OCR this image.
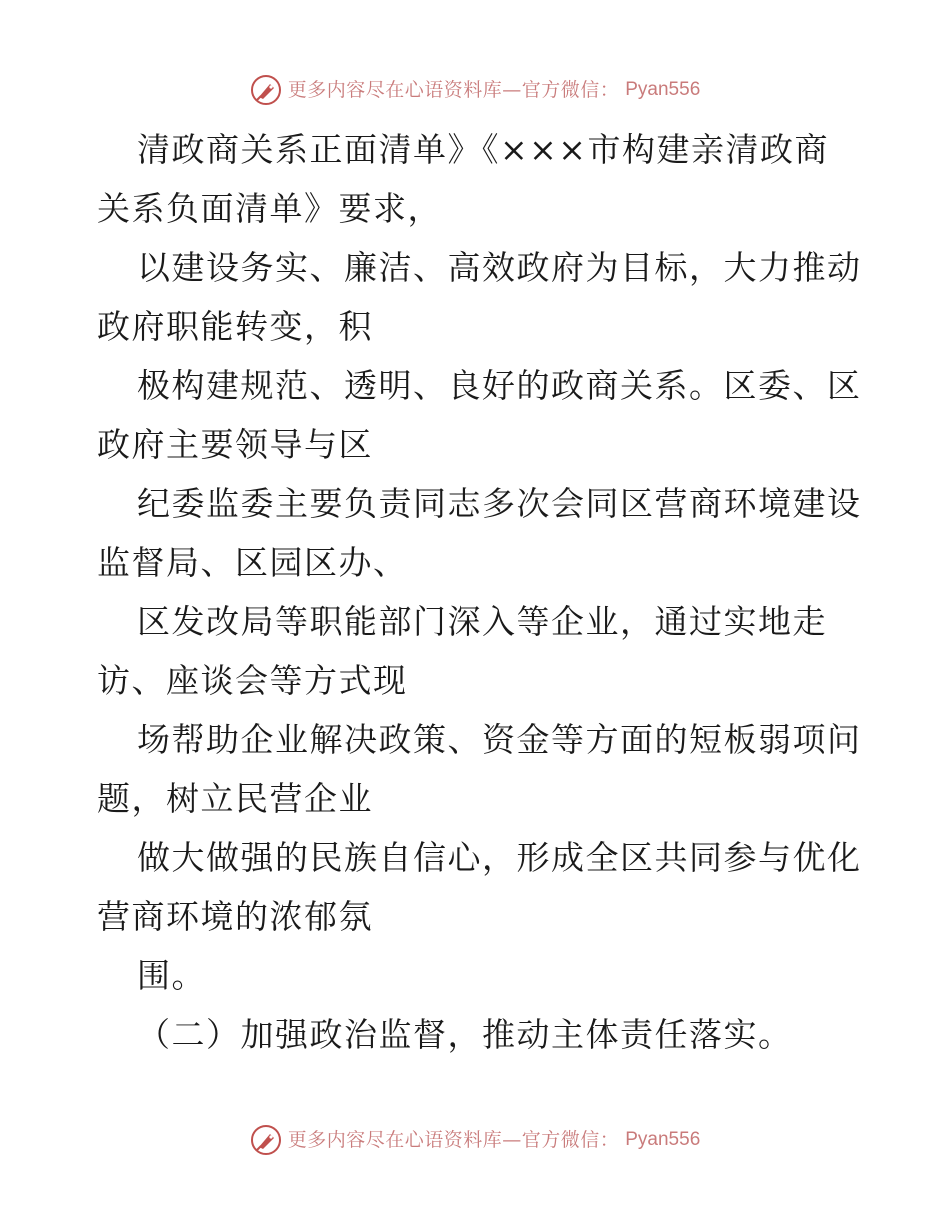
更多内容尽在心语资料库—官方微信： Pyan556
清政商关系正面清单》《×××市构建亲清政商
关系负面清单》要求，
以建设务实、廉洁、高效政府为目标，大力推动
政府职能转变，积
极构建规范、透明、良好的政商关系。区委、区
政府主要领导与区
纪委监委主要负责同志多次会同区营商环境建设
监督局、区园区办、
区发改局等职能部门深入等企业，通过实地走
访、座谈会等方式现
场帮助企业解决政策、资金等方面的短板弱项问
题，树立民营企业
做大做强的民族自信心，形成全区共同参与优化
营商环境的浓郁氛
围。
（二）加强政治监督，推动主体责任落实。
更多内容尽在心语资料库—官方微信： Pyan556
